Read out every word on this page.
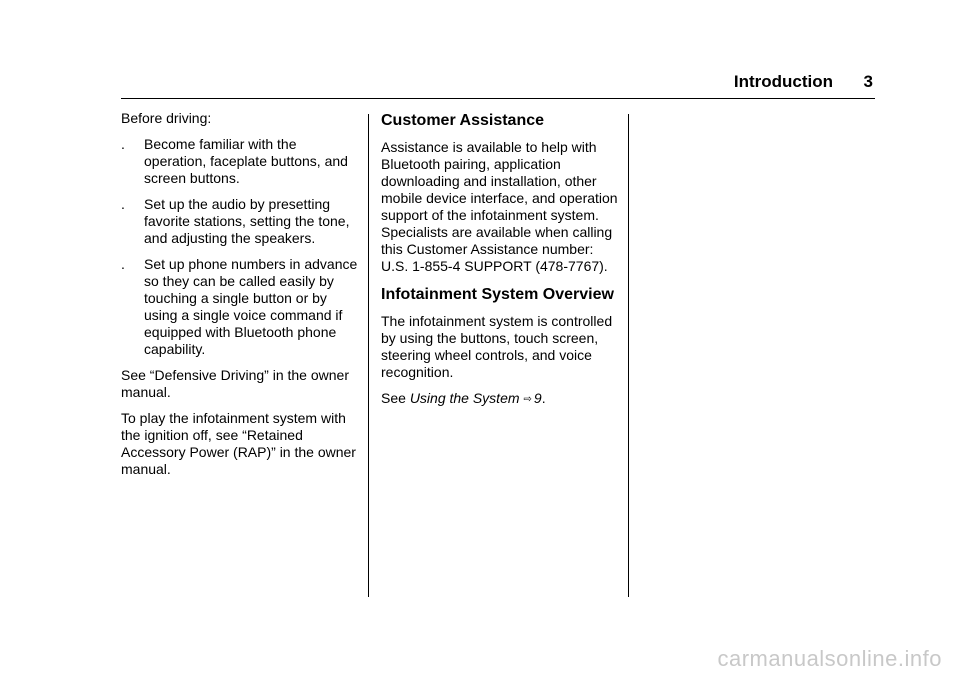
Introduction 3

Before driving:

. Become familiar with the operation, faceplate buttons, and screen buttons.
. Set up the audio by presetting favorite stations, setting the tone, and adjusting the speakers.
. Set up phone numbers in advance so they can be called easily by touching a single button or by using a single voice command if equipped with Bluetooth phone capability.

See “Defensive Driving” in the owner manual.

To play the infotainment system with the ignition off, see “Retained Accessory Power (RAP)” in the owner manual.

Customer Assistance

Assistance is available to help with Bluetooth pairing, application downloading and installation, other mobile device interface, and operation support of the infotainment system. Specialists are available when calling this Customer Assistance number:
U.S. 1-855-4 SUPPORT (478-7767).

Infotainment System Overview

The infotainment system is controlled by using the buttons, touch screen, steering wheel controls, and voice recognition.

See Using the System ⇨ 9.

carmanualsonline.info
